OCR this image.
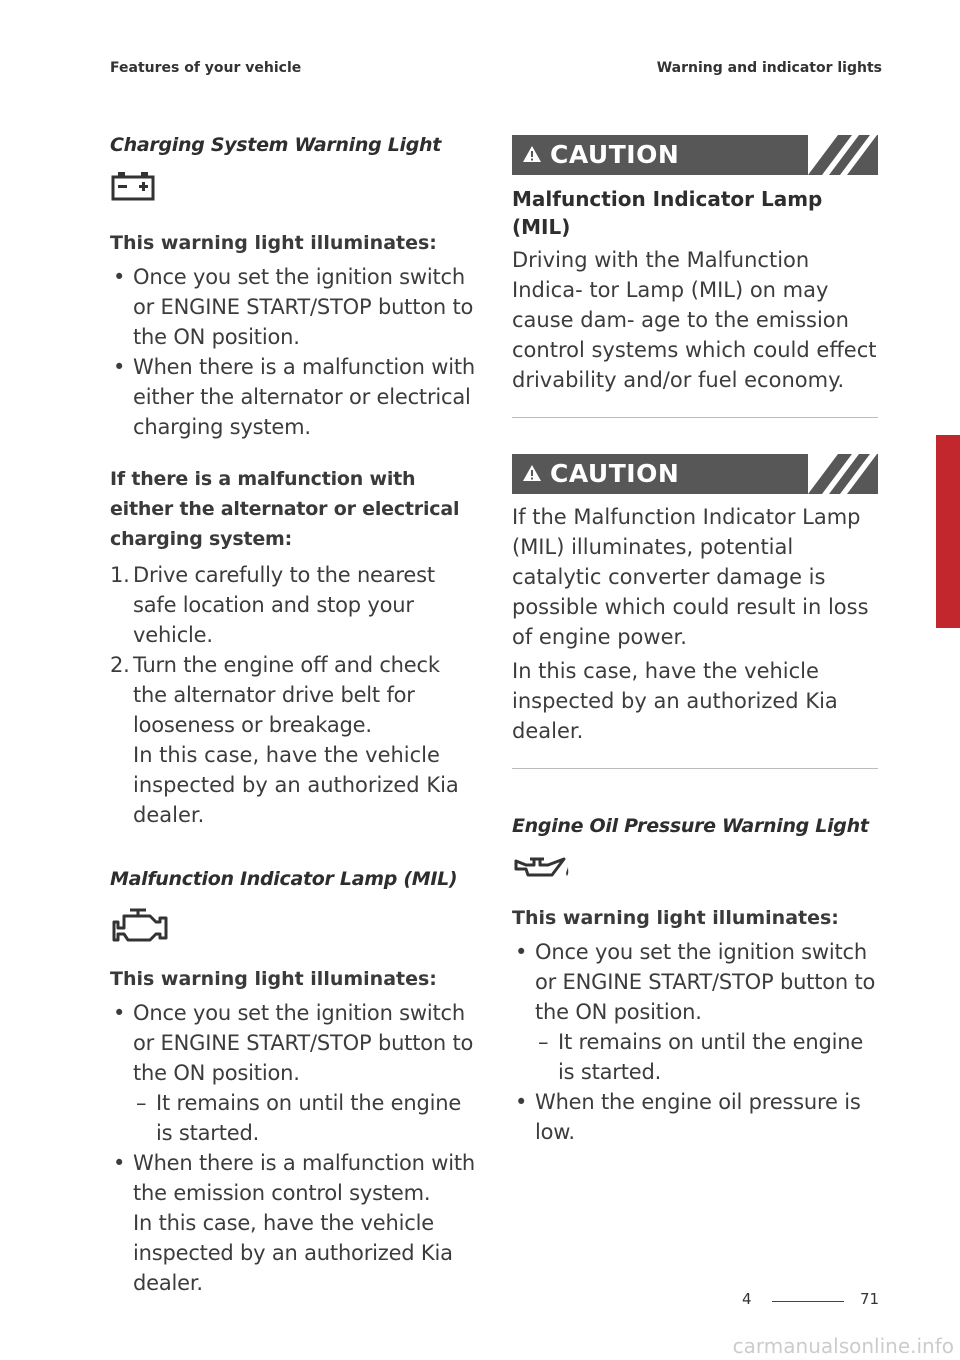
Features of your vehicle	Warning and indicator lights
Charging System Warning Light

This warning light illuminates:

• Once you set the ignition switch or ENGINE START/STOP button to the ON position.
• When there is a malfunction with either the alternator or electrical charging system.

If there is a malfunction with either the alternator or electrical charging system:

1. Drive carefully to the nearest safe location and stop your vehicle.
2. Turn the engine off and check the alternator drive belt for looseness or breakage.
In this case, have the vehicle inspected by an authorized Kia dealer.
Malfunction Indicator Lamp (MIL)

This warning light illuminates:

• Once you set the ignition switch or ENGINE START/STOP button to the ON position.
– It remains on until the engine is started.
• When there is a malfunction with the emission control system.
In this case, have the vehicle inspected by an authorized Kia dealer.
CAUTION
Malfunction Indicator Lamp (MIL)
Driving with the Malfunction Indica- tor Lamp (MIL) on may cause dam- age to the emission control systems which could effect drivability and/or fuel economy.
CAUTION
If the Malfunction Indicator Lamp (MIL) illuminates, potential catalytic converter damage is possible which could result in loss of engine power.
In this case, have the vehicle inspected by an authorized Kia dealer.
Engine Oil Pressure Warning Light

This warning light illuminates:

• Once you set the ignition switch or ENGINE START/STOP button to the ON position.
– It remains on until the engine is started.
• When the engine oil pressure is low.
4
4	71
carmanualsonline.info
